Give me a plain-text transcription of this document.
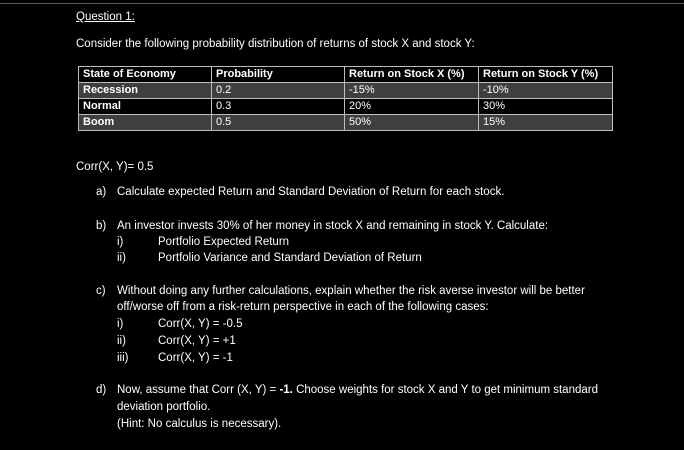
Question 1:
Consider the following probability distribution of returns of stock X and stock Y:
State of Economy	Probability	Return on Stock X (%)	Return on Stock Y (%)
Recession	0.2	-15%	-10%
Normal	0.3	20%	30%
Boom	0.5	50%	15%
Corr(X, Y)= 0.5
a) Calculate expected Return and Standard Deviation of Return for each stock.
b) An investor invests 30% of her money in stock X and remaining in stock Y. Calculate:
i)	Portfolio Expected Return
ii)	Portfolio Variance and Standard Deviation of Return
c) Without doing any further calculations, explain whether the risk averse investor will be better
off/worse off from a risk-return perspective in each of the following cases:
i)	Corr(X, Y) = -0.5
ii)	Corr(X, Y) = +1
iii)	Corr(X, Y) = -1
d) Now, assume that Corr (X, Y) = -1. Choose weights for stock X and Y to get minimum standard
deviation portfolio.
(Hint: No calculus is necessary).
